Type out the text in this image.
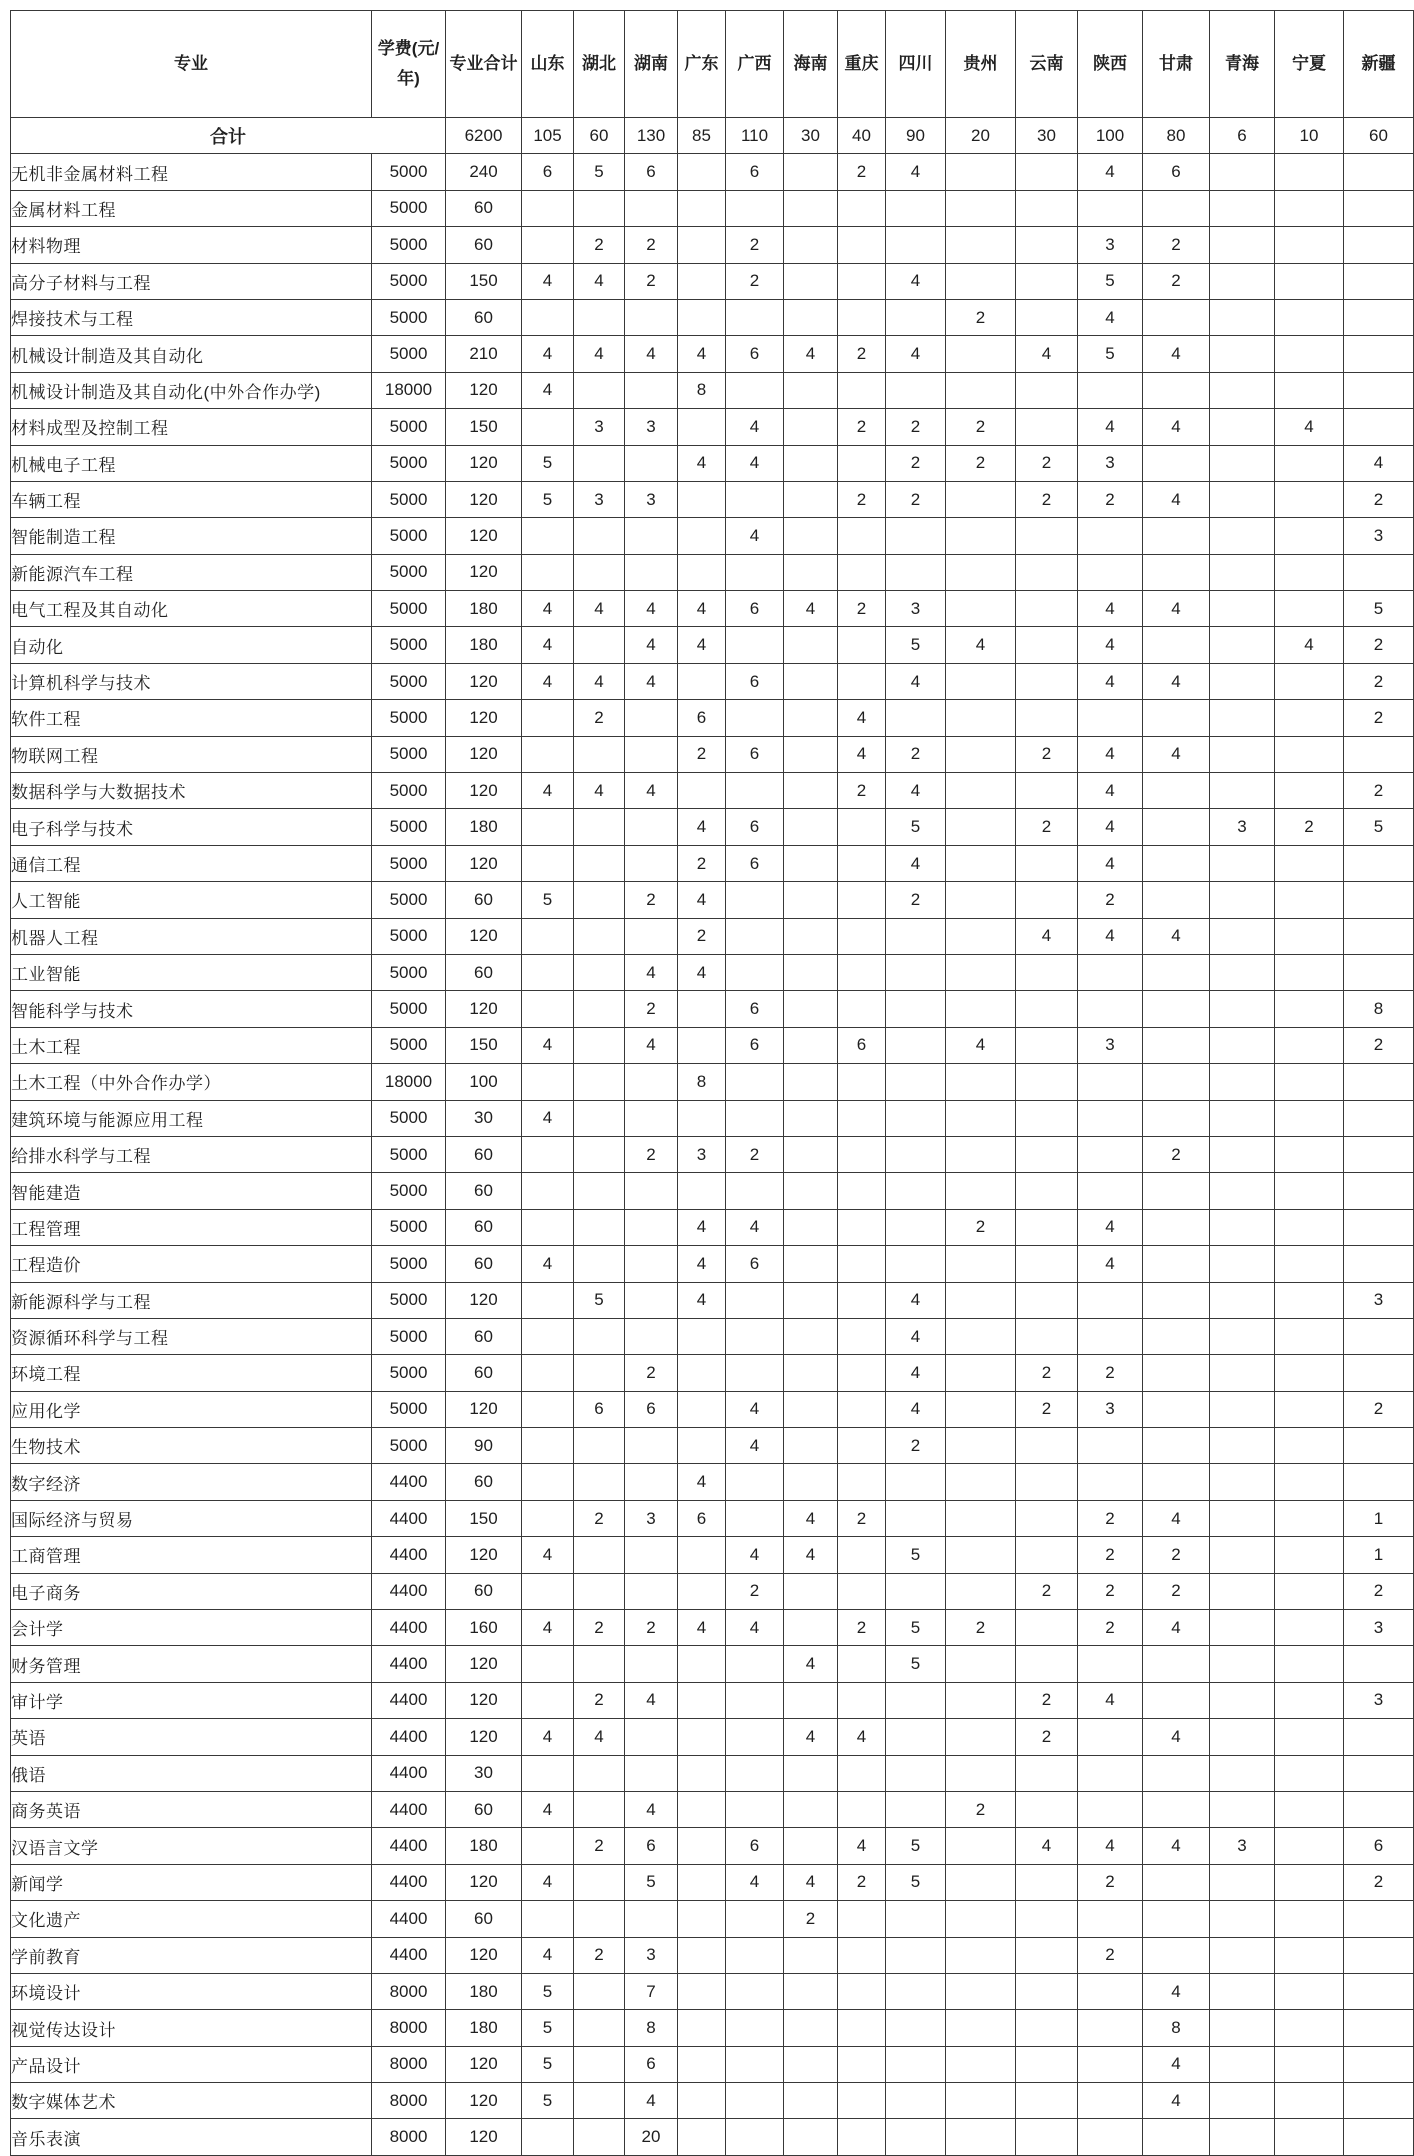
专业	学费(元/年)	专业合计	山东	湖北	湖南	广东	广西	海南	重庆	四川	贵州	云南	陕西	甘肃	青海	宁夏	新疆
合计		6200	105	60	130	85	110	30	40	90	20	30	100	80	6	10	60
无机非金属材料工程	5000	240	6	5	6		6		2	4			4	6			
金属材料工程	5000	60															
材料物理	5000	60		2	2		2						3	2			
高分子材料与工程	5000	150	4	4	2		2			4			5	2			
焊接技术与工程	5000	60									2		4				
机械设计制造及其自动化	5000	210	4	4	4	4	6	4	2	4		4	5	4			
机械设计制造及其自动化(中外合作办学)	18000	120	4			8											
材料成型及控制工程	5000	150		3	3		4		2	2	2		4	4		4	
机械电子工程	5000	120	5			4	4			2	2	2	3				4
车辆工程	5000	120	5	3	3				2	2		2	2	4			2
智能制造工程	5000	120					4										3
新能源汽车工程	5000	120															
电气工程及其自动化	5000	180	4	4	4	4	6	4	2	3			4	4			5
自动化	5000	180	4		4	4				5	4		4			4	2
计算机科学与技术	5000	120	4	4	4		6			4			4	4			2
软件工程	5000	120		2		6			4								2
物联网工程	5000	120				2	6		4	2		2	4	4			
数据科学与大数据技术	5000	120	4	4	4				2	4			4				2
电子科学与技术	5000	180				4	6			5		2	4		3	2	5
通信工程	5000	120				2	6			4			4				
人工智能	5000	60	5		2	4				2			2				
机器人工程	5000	120				2						4	4	4			
工业智能	5000	60			4	4											
智能科学与技术	5000	120			2		6										8
土木工程	5000	150	4		4		6		6		4		3				2
土木工程（中外合作办学）	18000	100				8											
建筑环境与能源应用工程	5000	30	4														
给排水科学与工程	5000	60			2	3	2							2			
智能建造	5000	60															
工程管理	5000	60				4	4				2		4				
工程造价	5000	60	4			4	6						4				
新能源科学与工程	5000	120		5		4				4							3
资源循环科学与工程	5000	60								4							
环境工程	5000	60			2					4		2	2				
应用化学	5000	120		6	6		4			4		2	3				2
生物技术	5000	90					4			2							
数字经济	4400	60				4											
国际经济与贸易	4400	150		2	3	6		4	2				2	4			1
工商管理	4400	120	4				4	4		5			2	2			1
电子商务	4400	60					2					2	2	2			2
会计学	4400	160	4	2	2	4	4		2	5	2		2	4			3
财务管理	4400	120						4		5							
审计学	4400	120		2	4							2	4				3
英语	4400	120	4	4				4	4			2		4			
俄语	4400	30															
商务英语	4400	60	4		4						2						
汉语言文学	4400	180		2	6		6		4	5		4	4	4	3		6
新闻学	4400	120	4		5		4	4	2	5			2				2
文化遗产	4400	60						2									
学前教育	4400	120	4	2	3								2				
环境设计	8000	180	5		7									4			
视觉传达设计	8000	180	5		8									8			
产品设计	8000	120	5		6									4			
数字媒体艺术	8000	120	5		4									4			
音乐表演	8000	120			20												
